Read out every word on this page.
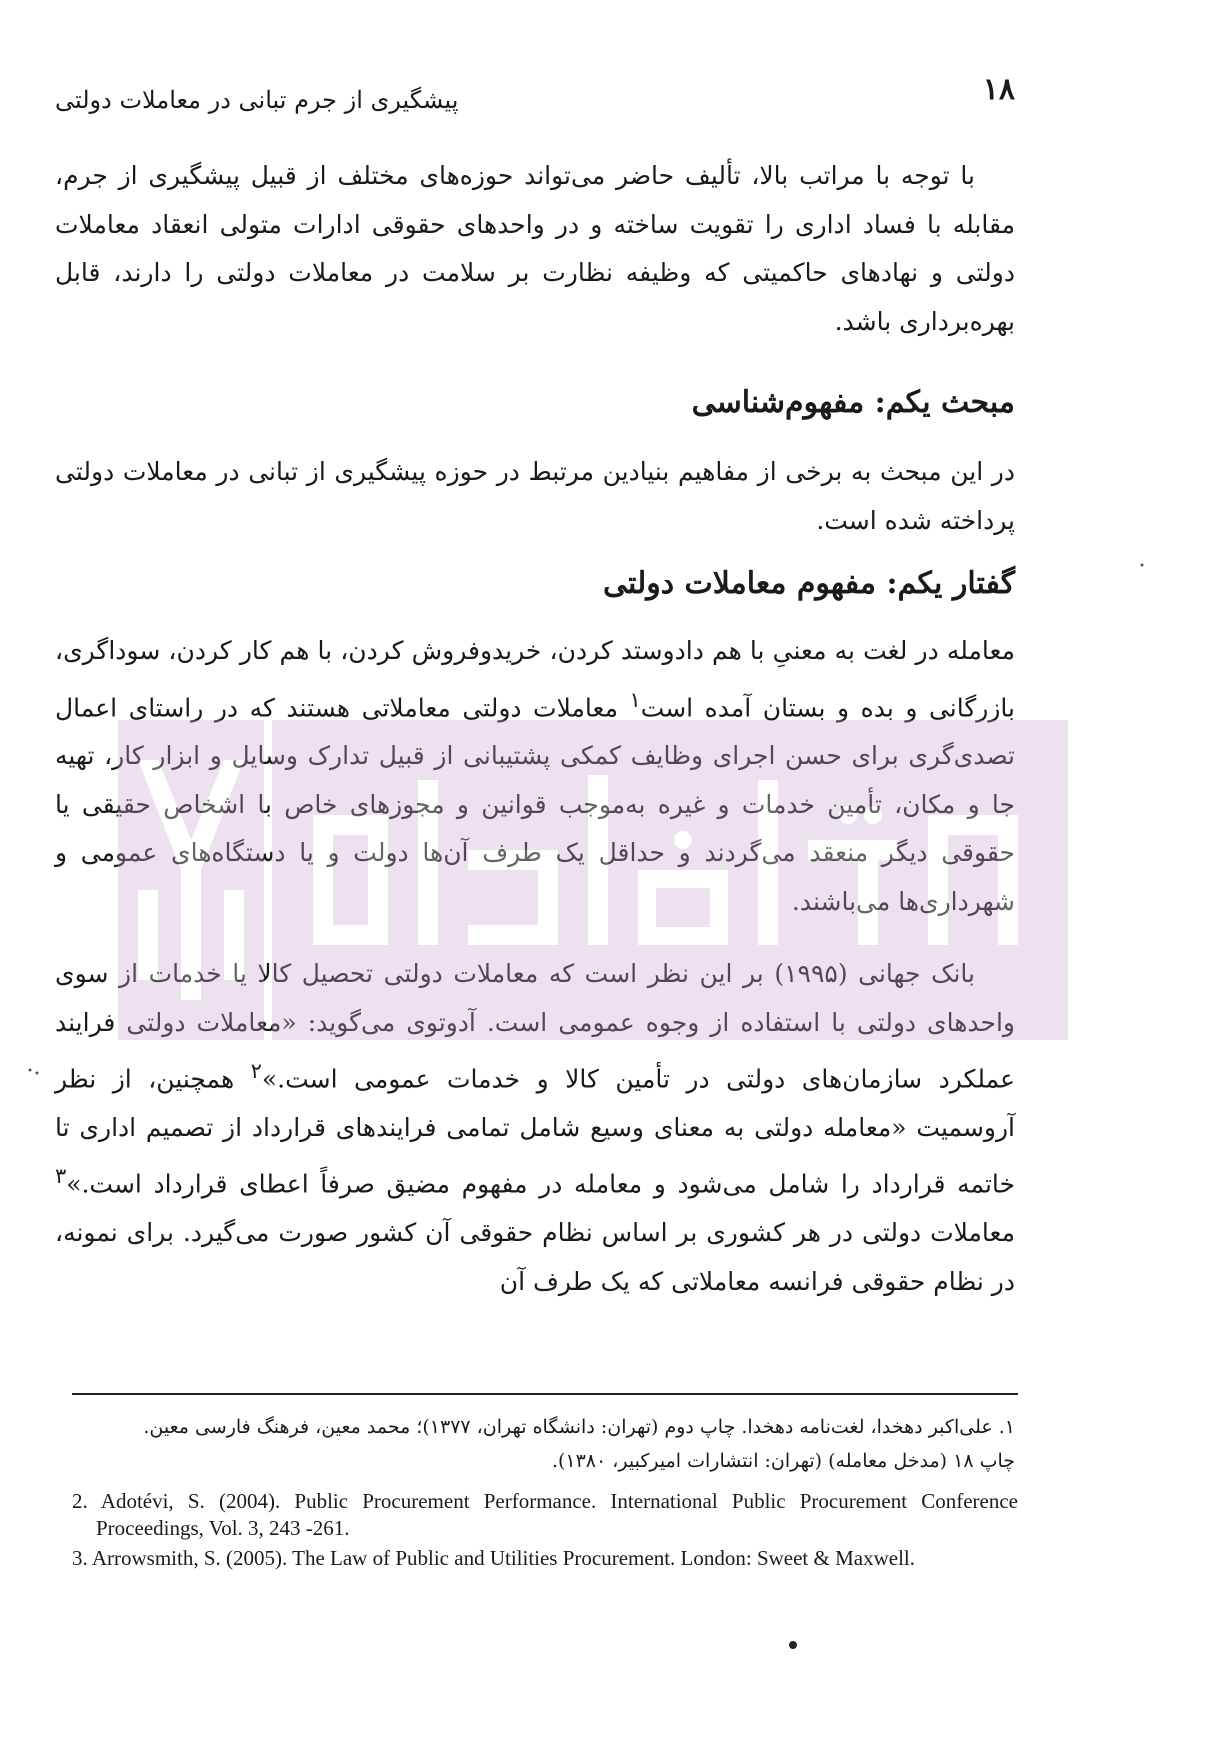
پیشگیری از جرم تبانی در معاملات دولتی	۱۸

با توجه با مراتب بالا، تألیف حاضر می‌تواند حوزه‌های مختلف از قبیل پیشگیری از جرم، مقابله با فساد اداری را تقویت ساخته و در واحدهای حقوقی ادارات متولی انعقاد معاملات دولتی و نهادهای حاکمیتی که وظیفه نظارت بر سلامت در معاملات دولتی را دارند، قابل بهره‌برداری باشد.

مبحث یکم: مفهوم‌شناسی

در این مبحث به برخی از مفاهیم بنیادین مرتبط در حوزه پیشگیری از تبانی در معاملات دولتی پرداخته شده است.

گفتار یکم: مفهوم معاملات دولتی

معامله در لغت به معنیِ با هم دادوستد کردن، خریدوفروش کردن، با هم کار کردن، سوداگری، بازرگانی و بده و بستان آمده است$^۱$ معاملات دولتی معاملاتی هستند که در راستای اعمال تصدی‌گری برای حسن اجرای وظایف کمکی پشتیبانی از قبیل تدارک وسایل و ابزار کار، تهیه جا و مکان، تأمین خدمات و غیره به‌موجب قوانین و مجوزهای خاص با اشخاص حقیقی یا حقوقی دیگر منعقد می‌گردند و حداقل یک طرف آن‌ها دولت و یا دستگاه‌های عمومی و شهرداری‌ها می‌باشند.

بانک جهانی (۱۹۹۵) بر این نظر است که معاملات دولتی تحصیل کالا یا خدمات از سوی واحدهای دولتی با استفاده از وجوه عمومی است. آدوتوی می‌گوید: «معاملات دولتی فرایند عملکرد سازمان‌های دولتی در تأمین کالا و خدمات عمومی است.»$^۲$ همچنین، از نظر آروسمیت «معامله دولتی به معنای وسیع شامل تمامی فرایندهای قرارداد از تصمیم اداری تا خاتمه قرارداد را شامل می‌شود و معامله در مفهوم مضیق صرفاً اعطای قرارداد است.»$^۳$ معاملات دولتی در هر کشوری بر اساس نظام حقوقی آن کشور صورت می‌گیرد. برای نمونه، در نظام حقوقی فرانسه معاملاتی که یک طرف آن

۱. علی‌اکبر دهخدا، لغت‌نامه دهخدا. چاپ دوم (تهران: دانشگاه تهران، ۱۳۷۷)؛ محمد معین، فرهنگ فارسی معین.

چاپ ۱۸ (مدخل معامله) (تهران: انتشارات امیرکبیر، ۱۳۸۰).

2. Adotévi, S. (2004). Public Procurement Performance. International Public Procurement Conference Proceedings, Vol. 3, 243 -261.

3. Arrowsmith, S. (2005). The Law of Public and Utilities Procurement. London: Sweet & Maxwell.
